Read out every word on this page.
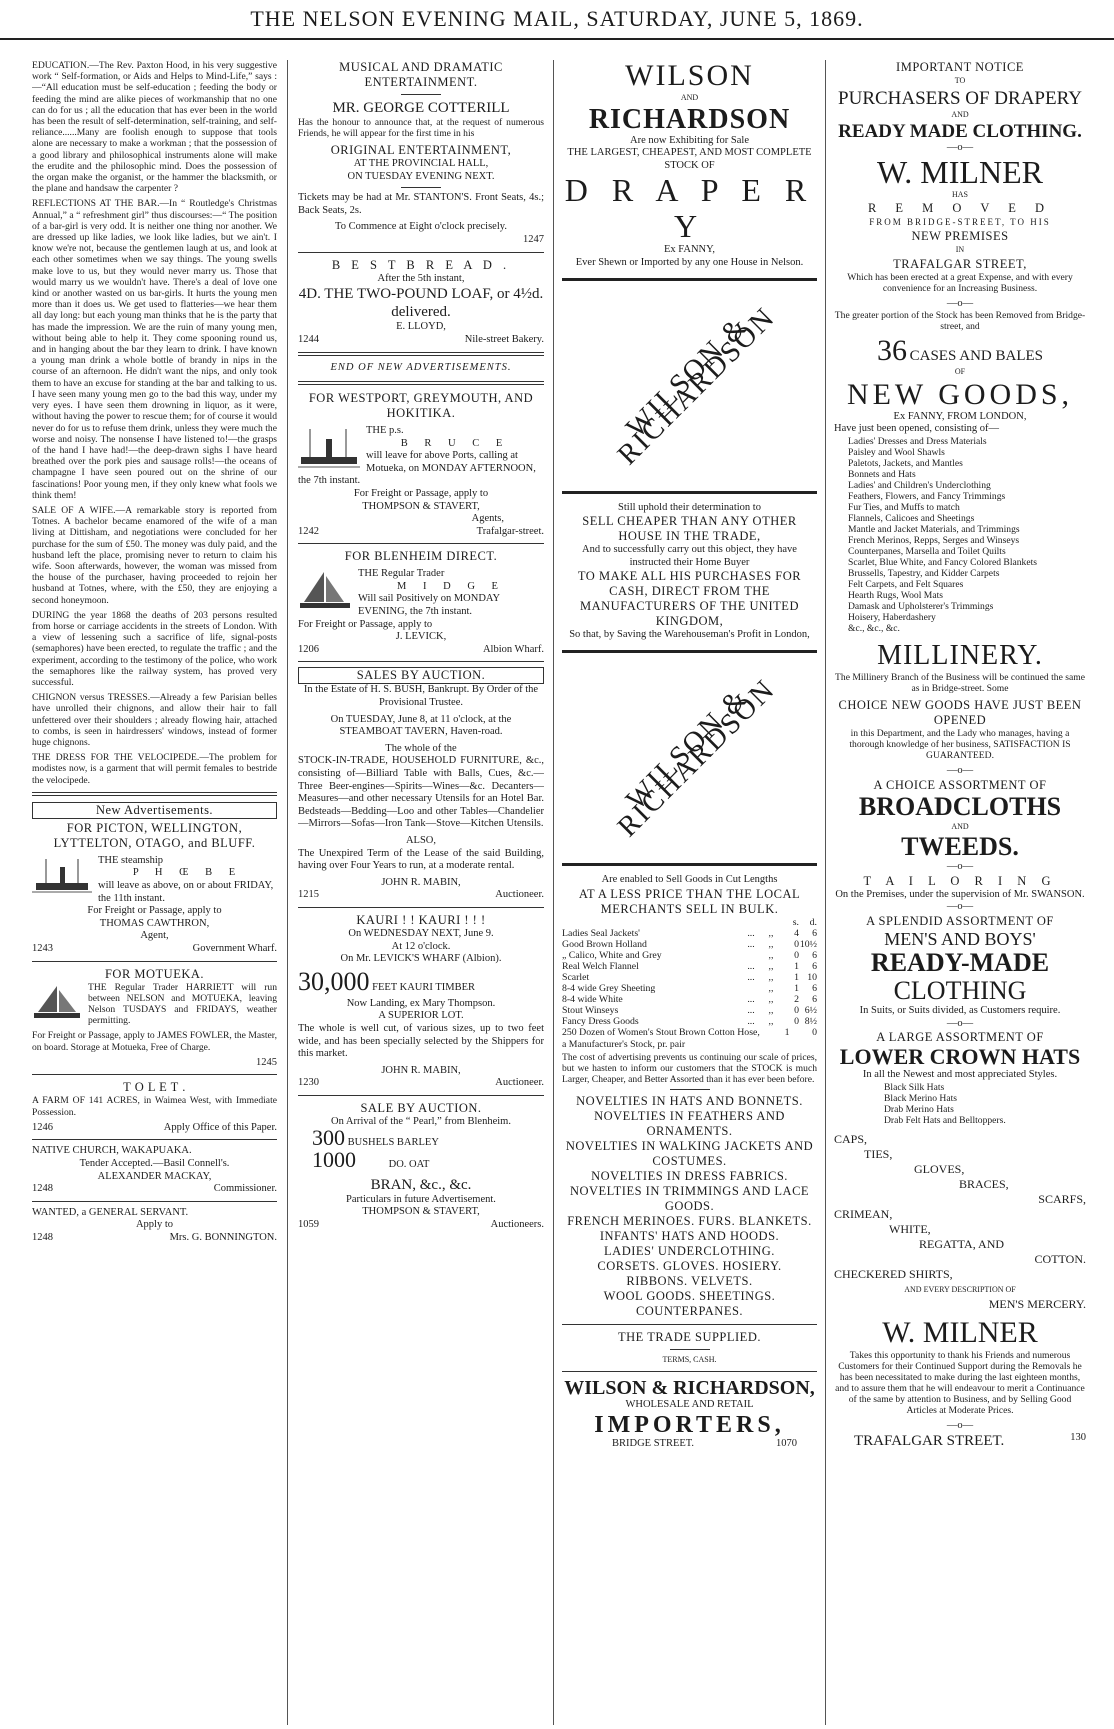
THE NELSON EVENING MAIL, SATURDAY, JUNE 5, 1869.

EDUCATION.—The Rev. Paxton Hood, in his very suggestive work “ Self-formation, or Aids and Helps to Mind-Life,” says :—“All education must be self-education ; feeding the body or feeding the mind are alike pieces of workmanship that no one can do for us ; all the education that has ever been in the world has been the result of self-determination, self-training, and self-reliance......Many are foolish enough to suppose that tools alone are necessary to make a workman ; that the possession of a good library and philosophical instruments alone will make the erudite and the philosophic mind. Does the possession of the organ make the organist, or the hammer the blacksmith, or the plane and handsaw the carpenter ?

REFLECTIONS AT THE BAR.—In “ Routledge's Christmas Annual,” a “ refreshment girl” thus discourses:—“ The position of a bar-girl is very odd. It is neither one thing nor another. We are dressed up like ladies, we look like ladies, but we ain't. I know we're not, because the gentlemen laugh at us, and look at each other sometimes when we say things. The young swells make love to us, but they would never marry us. Those that would marry us we wouldn't have. There's a deal of love one kind or another wasted on us bar-girls. It hurts the young men more than it does us. We get used to flatteries—we hear them all day long: but each young man thinks that he is the party that has made the impression. We are the ruin of many young men, without being able to help it. They come spooning round us, and in hanging about the bar they learn to drink. I have known a young man drink a whole bottle of brandy in nips in the course of an afternoon. He didn't want the nips, and only took them to have an excuse for standing at the bar and talking to us. I have seen many young men go to the bad this way, under my very eyes. I have seen them drowning in liquor, as it were, without having the power to rescue them; for of course it would never do for us to refuse them drink, unless they were much the worse and noisy. The nonsense I have listened to!—the grasps of the hand I have had!—the deep-drawn sighs I have heard breathed over the pork pies and sausage rolls!—the oceans of champagne I have seen poured out on the shrine of our fascinations! Poor young men, if they only knew what fools we think them!

SALE OF A WIFE.—A remarkable story is reported from Totnes. A bachelor became enamored of the wife of a man living at Dittisham, and negotiations were concluded for her purchase for the sum of £50. The money was duly paid, and the husband left the place, promising never to return to claim his wife. Soon afterwards, however, the woman was missed from the house of the purchaser, having proceeded to rejoin her husband at Totnes, where, with the £50, they are enjoying a second honeymoon.

DURING the year 1868 the deaths of 203 persons resulted from horse or carriage accidents in the streets of London. With a view of lessening such a sacrifice of life, signal-posts (semaphores) have been erected, to regulate the traffic ; and the experiment, according to the testimony of the police, who work the semaphores like the railway system, has proved very successful.

CHIGNON versus TRESSES.—Already a few Parisian belles have unrolled their chignons, and allow their hair to fall unfettered over their shoulders ; already flowing hair, attached to combs, is seen in hairdressers' windows, instead of former huge chignons.

THE DRESS FOR THE VELOCIPEDE.—The problem for modistes now, is a garment that will permit females to bestride the velocipede.

New Advertisements.
FOR PICTON, WELLINGTON, LYTTELTON, OTAGO, and BLUFF.
THE steamship
P H Œ B E
will leave as above, on or about FRIDAY, the 11th instant.
For Freight or Passage, apply to
THOMAS CAWTHRON,
Agent,
1243	Government Wharf.
FOR MOTUEKA.

THE Regular Trader HARRIETT will run between NELSON and MOTUEKA, leaving Nelson TUSDAYS and FRIDAYS, weather permitting.

For Freight or Passage, apply to JAMES FOWLER, the Master, on board. Storage at Motueka, Free of Charge.

1245
T O L E T .

A FARM OF 141 ACRES, in Waimea West, with Immediate Possession.

1246	Apply Office of this Paper.
NATIVE CHURCH, WAKAPUAKA.
Tender Accepted.—Basil Connell's.
ALEXANDER MACKAY,
1248	Commissioner.
WANTED, a GENERAL SERVANT.
Apply to
1248	Mrs. G. BONNINGTON.
MUSICAL AND DRAMATIC ENTERTAINMENT.
MR. GEORGE COTTERILL

Has the honour to announce that, at the request of numerous Friends, he will appear for the first time in his

ORIGINAL ENTERTAINMENT,
AT THE PROVINCIAL HALL,
ON TUESDAY EVENING NEXT.

Tickets may be had at Mr. STANTON'S. Front Seats, 4s.; Back Seats, 2s.

To Commence at Eight o'clock precisely.
1247
B E S T B R E A D .
After the 5th instant,
4D. THE TWO-POUND LOAF, or 4½d. delivered.
E. LLOYD,
1244	Nile-street Bakery.
END OF NEW ADVERTISEMENTS.
FOR WESTPORT, GREYMOUTH, AND HOKITIKA.
THE p.s.
B R U C E
will leave for above Ports, calling at Motueka, on MONDAY AFTERNOON, the 7th instant.
For Freight or Passage, apply to
THOMPSON & STAVERT,
Agents,
1242	Trafalgar-street.
FOR BLENHEIM DIRECT.
THE Regular Trader
M I D G E
Will sail Positively on MONDAY EVENING, the 7th instant.
For Freight or Passage, apply to
J. LEVICK,
1206	Albion Wharf.
SALES BY AUCTION.

In the Estate of H. S. BUSH, Bankrupt. By Order of the Provisional Trustee.

On TUESDAY, June 8, at 11 o'clock, at the STEAMBOAT TAVERN, Haven-road.

The whole of the

STOCK-IN-TRADE, HOUSEHOLD FURNITURE, &c., consisting of—Billiard Table with Balls, Cues, &c.—Three Beer-engines—Spirits—Wines—&c. Decanters—Measures—and other necessary Utensils for an Hotel Bar. Bedsteads—Bedding—Loo and other Tables—Chandelier—Mirrors—Sofas—Iron Tank—Stove—Kitchen Utensils.

ALSO,

The Unexpired Term of the Lease of the said Building, having over Four Years to run, at a moderate rental.

JOHN R. MABIN,
1215	Auctioneer.
KAURI ! ! KAURI ! ! !
On WEDNESDAY NEXT, June 9.
At 12 o'clock.
On Mr. LEVICK'S WHARF (Albion).
30,000 FEET KAURI TIMBER
Now Landing, ex Mary Thompson.
A SUPERIOR LOT.

The whole is well cut, of various sizes, up to two feet wide, and has been specially selected by the Shippers for this market.

JOHN R. MABIN,
1230	Auctioneer.
SALE BY AUCTION.
On Arrival of the “ Pearl,” from Blenheim.
300 BUSHELS BARLEY
1000	DO. OAT
BRAN, &c., &c.
Particulars in future Advertisement.
THOMPSON & STAVERT,
1059	Auctioneers.
WILSON
AND
RICHARDSON
Are now Exhibiting for Sale
THE LARGEST, CHEAPEST, AND MOST COMPLETE STOCK OF
D R A P E R Y
Ex FANNY,
Ever Shewn or Imported by any one House in Nelson.
WILSON & RICHARDSON
Still uphold their determination to
SELL CHEAPER THAN ANY OTHER HOUSE IN THE TRADE,
And to successfully carry out this object, they have instructed their Home Buyer
TO MAKE ALL HIS PURCHASES FOR CASH, DIRECT FROM THE MANUFACTURERS OF THE UNITED KINGDOM,
So that, by Saving the Warehouseman's Profit in London,
WILSON & RICHARDSON
Are enabled to Sell Goods in Cut Lengths
AT A LESS PRICE THAN THE LOCAL MERCHANTS SELL IN BULK.
			s.	d.
Ladies Seal Jackets'	...	,,	4	6
Good Brown Holland	...	,,	0	10½
„ Calico, White and Grey		,,	0	6
Real Welch Flannel	...	,,	1	6
Scarlet	...	,,	1	10
8-4 wide Grey Sheeting		,,	1	6
8-4 wide White	...	,,	2	6
Stout Winseys	...	,,	0	6½
Fancy Dress Goods	...	,,	0	8½
250 Dozen of Women's Stout Brown Cotton Hose, a Manufacturer's Stock, pr. pair
1 0

The cost of advertising prevents us continuing our scale of prices, but we hasten to inform our customers that the STOCK is much Larger, Cheaper, and Better Assorted than it has ever been before.

NOVELTIES IN HATS AND BONNETS.
NOVELTIES IN FEATHERS AND ORNAMENTS.
NOVELTIES IN WALKING JACKETS AND COSTUMES.
NOVELTIES IN DRESS FABRICS.
NOVELTIES IN TRIMMINGS AND LACE GOODS.
FRENCH MERINOES. FURS. BLANKETS.
INFANTS' HATS AND HOODS.
LADIES' UNDERCLOTHING.
CORSETS. GLOVES. HOSIERY.
RIBBONS. VELVETS.
WOOL GOODS. SHEETINGS.
COUNTERPANES.
THE TRADE SUPPLIED.
TERMS, CASH.
WILSON & RICHARDSON,
WHOLESALE AND RETAIL
IMPORTERS,
BRIDGE STREET.	1070
IMPORTANT NOTICE
TO
PURCHASERS OF DRAPERY
AND
READY MADE CLOTHING.
—o—
W. MILNER
HAS
R E M O V E D
FROM BRIDGE-STREET, TO HIS
NEW PREMISES
IN
TRAFALGAR STREET,

Which has been erected at a great Expense, and with every convenience for an Increasing Business.

—o—

The greater portion of the Stock has been Removed from Bridge-street, and

36 CASES AND BALES
OF
NEW GOODS,
Ex FANNY, FROM LONDON,
Have just been opened, consisting of—
Ladies' Dresses and Dress Materials
Paisley and Wool Shawls
Paletots, Jackets, and Mantles
Bonnets and Hats
Ladies' and Children's Underclothing
Feathers, Flowers, and Fancy Trimmings
Fur Ties, and Muffs to match
Flannels, Calicoes and Sheetings
Mantle and Jacket Materials, and Trimmings
French Merinos, Repps, Serges and Winseys
Counterpanes, Marsella and Toilet Quilts
Scarlet, Blue White, and Fancy Colored Blankets
Brussells, Tapestry, and Kidder Carpets
Felt Carpets, and Felt Squares
Hearth Rugs, Wool Mats
Damask and Upholsterer's Trimmings
Hoisery, Haberdashery
&c., &c., &c.
MILLINERY.

The Millinery Branch of the Business will be continued the same as in Bridge-street. Some

CHOICE NEW GOODS HAVE JUST BEEN OPENED

in this Department, and the Lady who manages, having a thorough knowledge of her business, SATISFACTION IS GUARANTEED.

—o—
A CHOICE ASSORTMENT OF
BROADCLOTHS
AND
TWEEDS.
—o—
T A I L O R I N G
On the Premises, under the supervision of Mr. SWANSON.
—o—
A SPLENDID ASSORTMENT OF
MEN'S AND BOYS'
READY-MADE
CLOTHING
In Suits, or Suits divided, as Customers require.
—o—
A LARGE ASSORTMENT OF
LOWER CROWN HATS
In all the Newest and most appreciated Styles.
Black Silk Hats
Black Merino Hats
Drab Merino Hats
Drab Felt Hats and Belltoppers.
CAPS,
TIES,
GLOVES,
BRACES,
SCARFS,
CRIMEAN,
WHITE,
REGATTA, AND
COTTON.
CHECKERED SHIRTS,
AND EVERY DESCRIPTION OF
MEN'S MERCERY.
W. MILNER

Takes this opportunity to thank his Friends and numerous Customers for their Continued Support during the Removals he has been necessitated to make during the last eighteen months, and to assure them that he will endeavour to merit a Continuance of the same by attention to Business, and by Selling Good Articles at Moderate Prices.

—o—
TRAFALGAR STREET.	130
